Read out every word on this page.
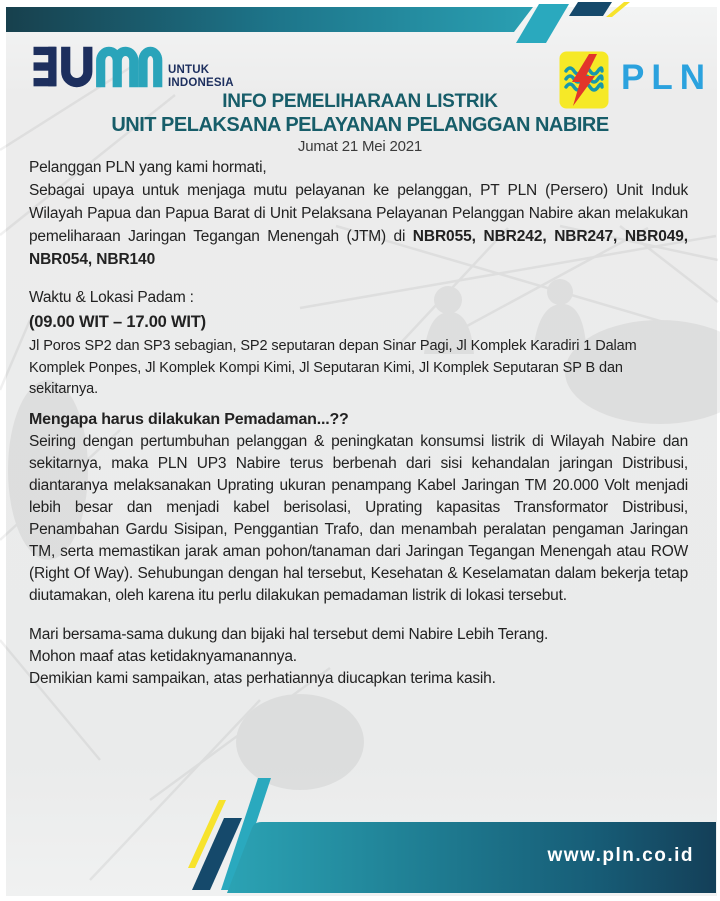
UNTUK
INDONESIA	PLN

INFO PEMELIHARAAN LISTRIK

UNIT PELAKSANA PELAYANAN PELANGGAN NABIRE

Jumat 21 Mei 2021

Pelanggan PLN yang kami hormati,

Sebagai upaya untuk menjaga mutu pelayanan ke pelanggan, PT PLN (Persero) Unit Induk Wilayah Papua dan Papua Barat di Unit Pelaksana Pelayanan Pelanggan Nabire akan melakukan pemeliharaan Jaringan Tegangan Menengah (JTM) di NBR055, NBR242, NBR247, NBR049, NBR054, NBR140

Waktu & Lokasi Padam :

(09.00 WIT – 17.00 WIT)

Jl Poros SP2 dan SP3 sebagian, SP2 seputaran depan Sinar Pagi, Jl Komplek Karadiri 1 Dalam Komplek Ponpes, Jl Komplek Kompi Kimi, Jl Seputaran Kimi, Jl Komplek Seputaran SP B dan sekitarnya.

Mengapa harus dilakukan Pemadaman...??

Seiring dengan pertumbuhan pelanggan & peningkatan konsumsi listrik di Wilayah Nabire dan sekitarnya, maka PLN UP3 Nabire terus berbenah dari sisi kehandalan jaringan Distribusi, diantaranya melaksanakan Uprating ukuran penampang Kabel Jaringan TM 20.000 Volt menjadi lebih besar dan menjadi kabel berisolasi, Uprating kapasitas Transformator Distribusi, Penambahan Gardu Sisipan, Penggantian Trafo, dan menambah peralatan pengaman Jaringan TM, serta memastikan jarak aman pohon/tanaman dari Jaringan Tegangan Menengah atau ROW (Right Of Way). Sehubungan dengan hal tersebut, Kesehatan & Keselamatan dalam bekerja tetap diutamakan, oleh karena itu perlu dilakukan pemadaman listrik di lokasi tersebut.

Mari bersama-sama dukung dan bijaki hal tersebut demi Nabire Lebih Terang.

Mohon maaf atas ketidaknyamanannya.

Demikian kami sampaikan, atas perhatiannya diucapkan terima kasih.

www.pln.co.id
